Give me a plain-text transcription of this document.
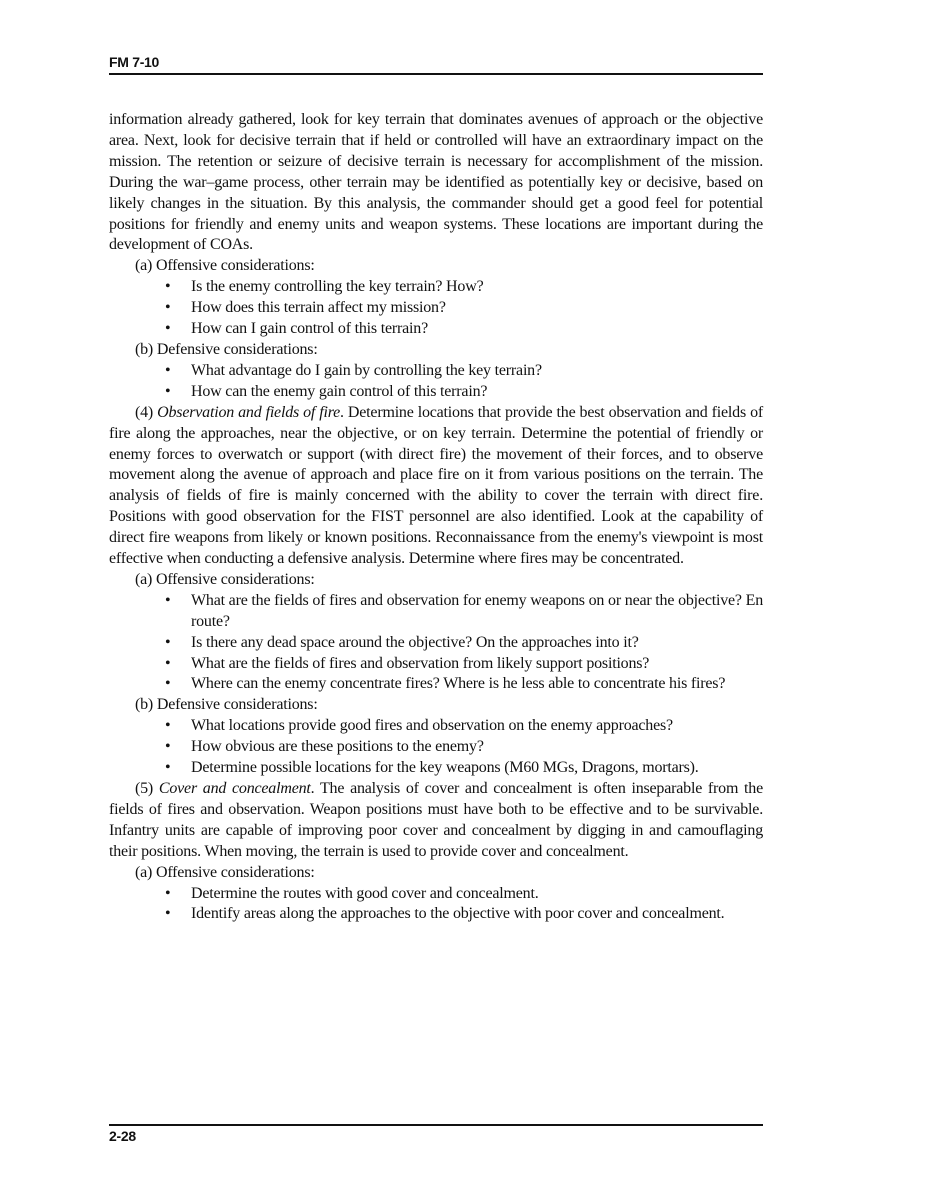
FM 7-10

information already gathered, look for key terrain that dominates avenues of approach or the objective area. Next, look for decisive terrain that if held or controlled will have an extraordinary impact on the mission. The retention or seizure of decisive terrain is necessary for accomplishment of the mission. During the war–game process, other terrain may be identified as potentially key or decisive, based on likely changes in the situation. By this analysis, the commander should get a good feel for potential positions for friendly and enemy units and weapon systems. These locations are important during the development of COAs.

(a) Offensive considerations:

• Is the enemy controlling the key terrain? How?
• How does this terrain affect my mission?
• How can I gain control of this terrain?

(b) Defensive considerations:

• What advantage do I gain by controlling the key terrain?
• How can the enemy gain control of this terrain?

(4) Observation and fields of fire. Determine locations that provide the best observation and fields of fire along the approaches, near the objective, or on key terrain. Determine the potential of friendly or enemy forces to overwatch or support (with direct fire) the movement of their forces, and to observe movement along the avenue of approach and place fire on it from various positions on the terrain. The analysis of fields of fire is mainly concerned with the ability to cover the terrain with direct fire. Positions with good observation for the FIST personnel are also identified. Look at the capability of direct fire weapons from likely or known positions. Reconnaissance from the enemy's viewpoint is most effective when conducting a defensive analysis. Determine where fires may be concentrated.

(a) Offensive considerations:

• What are the fields of fires and observation for enemy weapons on or near the objective? En route?
• Is there any dead space around the objective? On the approaches into it?
• What are the fields of fires and observation from likely support positions?
• Where can the enemy concentrate fires? Where is he less able to concentrate his fires?

(b) Defensive considerations:

• What locations provide good fires and observation on the enemy approaches?
• How obvious are these positions to the enemy?
• Determine possible locations for the key weapons (M60 MGs, Dragons, mortars).

(5) Cover and concealment. The analysis of cover and concealment is often inseparable from the fields of fires and observation. Weapon positions must have both to be effective and to be survivable. Infantry units are capable of improving poor cover and concealment by digging in and camouflaging their positions. When moving, the terrain is used to provide cover and concealment.

(a) Offensive considerations:

• Determine the routes with good cover and concealment.
• Identify areas along the approaches to the objective with poor cover and concealment.
2-28
